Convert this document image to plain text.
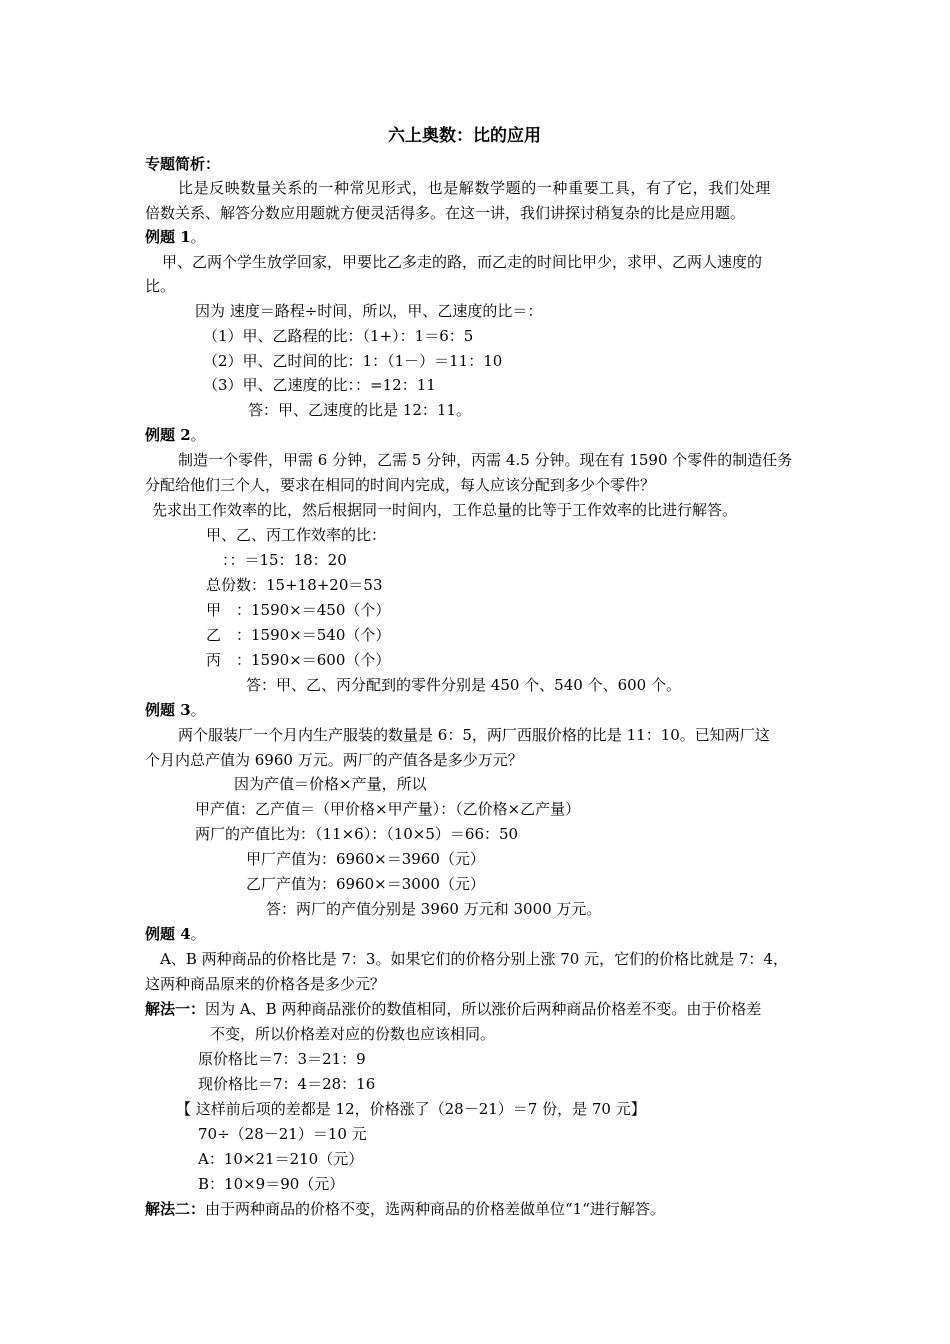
六上奥数：比的应用
专题简析：
比是反映数量关系的一种常见形式，也是解数学题的一种重要工具，有了它，我们处理
倍数关系、解答分数应用题就方便灵活得多。在这一讲，我们讲探讨稍复杂的比是应用题。
例题 1。
甲、乙两个学生放学回家，甲要比乙多走的路，而乙走的时间比甲少，求甲、乙两人速度的
比。
因为 速度＝路程÷时间，所以，甲、乙速度的比＝：
（1）甲、乙路程的比：（1+）：1＝6：5
（2）甲、乙时间的比：1：（1－）＝11：10
（3）甲、乙速度的比：：=12：11
答：甲、乙速度的比是 12：11。
例题 2。
制造一个零件，甲需 6 分钟，乙需 5 分钟，丙需 4.5 分钟。现在有 1590 个零件的制造任务
分配给他们三个人，要求在相同的时间内完成，每人应该分配到多少个零件？
先求出工作效率的比，然后根据同一时间内，工作总量的比等于工作效率的比进行解答。
甲、乙、丙工作效率的比：
：：＝15：18：20
总份数：15+18+20＝53
甲　：1590×＝450（个）
乙　：1590×＝540（个）
丙　：1590×＝600（个）
答：甲、乙、丙分配到的零件分别是 450 个、540 个、600 个。
例题 3。
两个服装厂一个月内生产服装的数量是 6：5，两厂西服价格的比是 11：10。已知两厂这
个月内总产值为 6960 万元。两厂的产值各是多少万元？
因为产值＝价格×产量，所以
甲产值：乙产值＝（甲价格×甲产量）：（乙价格×乙产量）
两厂的产值比为：（11×6）：（10×5）＝66：50
甲厂产值为：6960×＝3960（元）
乙厂产值为：6960×＝3000（元）
答：两厂的产值分别是 3960 万元和 3000 万元。
例题 4。
A、B 两种商品的价格比是 7：3。如果它们的价格分别上涨 70 元，它们的价格比就是 7：4，
这两种商品原来的价格各是多少元？
解法一：因为 A、B 两种商品涨价的数值相同，所以涨价后两种商品价格差不变。由于价格差
不变，所以价格差对应的份数也应该相同。
原价格比＝7：3＝21：9
现价格比＝7：4＝28：16
【 这样前后项的差都是 12，价格涨了（28－21）＝7 份，是 70 元】
70÷（28－21）＝10 元
A：10×21＝210（元）
B：10×9＝90（元）
解法二：由于两种商品的价格不变，选两种商品的价格差做单位“1“进行解答。
